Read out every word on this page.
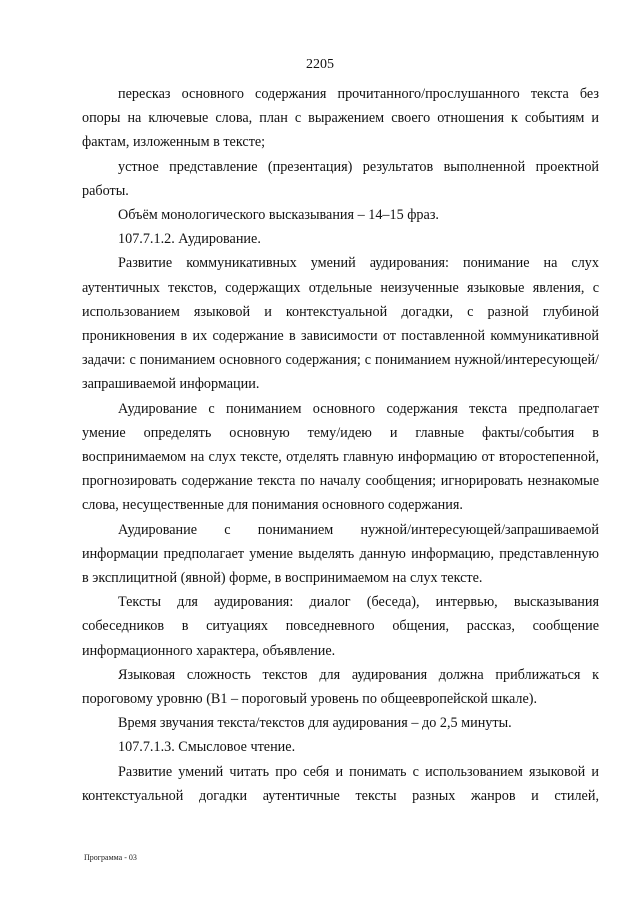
2205

пересказ основного содержания прочитанного/прослушанного текста без опоры на ключевые слова, план с выражением своего отношения к событиям и фактам, изложенным в тексте;

устное представление (презентация) результатов выполненной проектной работы.

Объём монологического высказывания – 14–15 фраз.

107.7.1.2. Аудирование.

Развитие коммуникативных умений аудирования: понимание на слух аутентичных текстов, содержащих отдельные неизученные языковые явления, с использованием языковой и контекстуальной догадки, с разной глубиной проникновения в их содержание в зависимости от поставленной коммуникативной задачи: с пониманием основного содержания; с пониманием нужной/интересующей/запрашиваемой информации.

Аудирование с пониманием основного содержания текста предполагает умение определять основную тему/идею и главные факты/события в воспринимаемом на слух тексте, отделять главную информацию от второстепенной, прогнозировать содержание текста по началу сообщения; игнорировать незнакомые слова, несущественные для понимания основного содержания.

Аудирование с пониманием нужной/интересующей/запрашиваемой информации предполагает умение выделять данную информацию, представленную в эксплицитной (явной) форме, в воспринимаемом на слух тексте.

Тексты для аудирования: диалог (беседа), интервью, высказывания собеседников в ситуациях повседневного общения, рассказ, сообщение информационного характера, объявление.

Языковая сложность текстов для аудирования должна приближаться к пороговому уровню (B1 – пороговый уровень по общеевропейской шкале).

Время звучания текста/текстов для аудирования – до 2,5 минуты.

107.7.1.3. Смысловое чтение.

Развитие умений читать про себя и понимать с использованием языковой и контекстуальной догадки аутентичные тексты разных жанров и стилей,

Программа - 03
